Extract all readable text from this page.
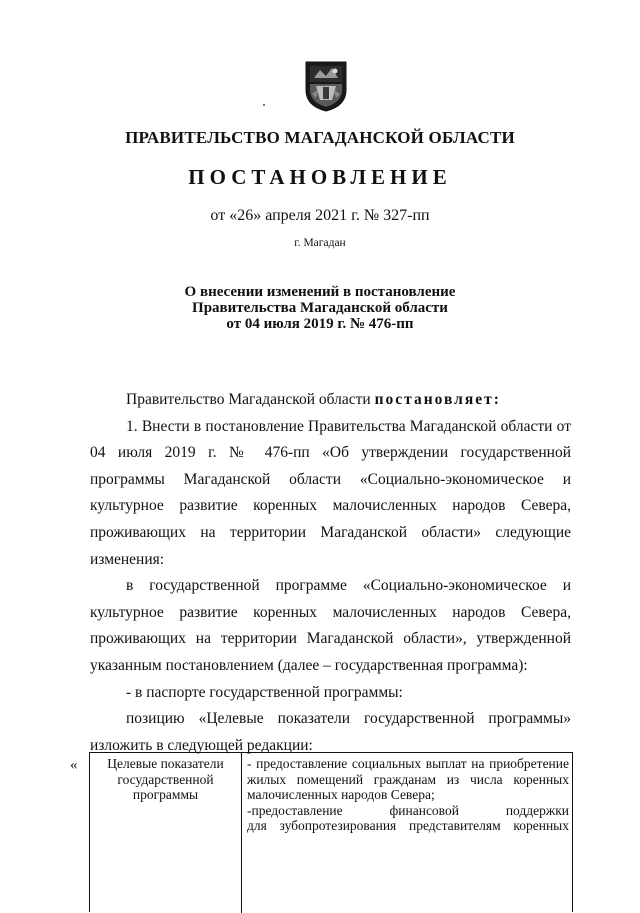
ПРАВИТЕЛЬСТВО МАГАДАНСКОЙ ОБЛАСТИ
ПОСТАНОВЛЕНИЕ
от «26» апреля 2021 г. № 327-пп
г. Магадан
О внесении изменений в постановление
Правительства Магаданской области
от 04 июля 2019 г. № 476-пп

Правительство Магаданской области постановляет:

1. Внести в постановление Правительства Магаданской области от 04 июля 2019 г. № 476-пп «Об утверждении государственной программы Магаданской области «Социально-экономическое и культурное развитие коренных малочисленных народов Севера, проживающих на территории Магаданской области» следующие изменения:

в государственной программе «Социально-экономическое и культурное развитие коренных малочисленных народов Севера, проживающих на территории Магаданской области», утвержденной указанным постановлением (далее – государственная программа):

- в паспорте государственной программы:

позицию «Целевые показатели государственной программы» изложить в следующей редакции:

«	Целевые показатели
государственной
программы
- предоставление социальных выплат на приобретение
жилых помещений гражданам из числа коренных
малочисленных народов Севера;
-предоставление финансовой поддержки
для зубопротезирования представителям коренных
